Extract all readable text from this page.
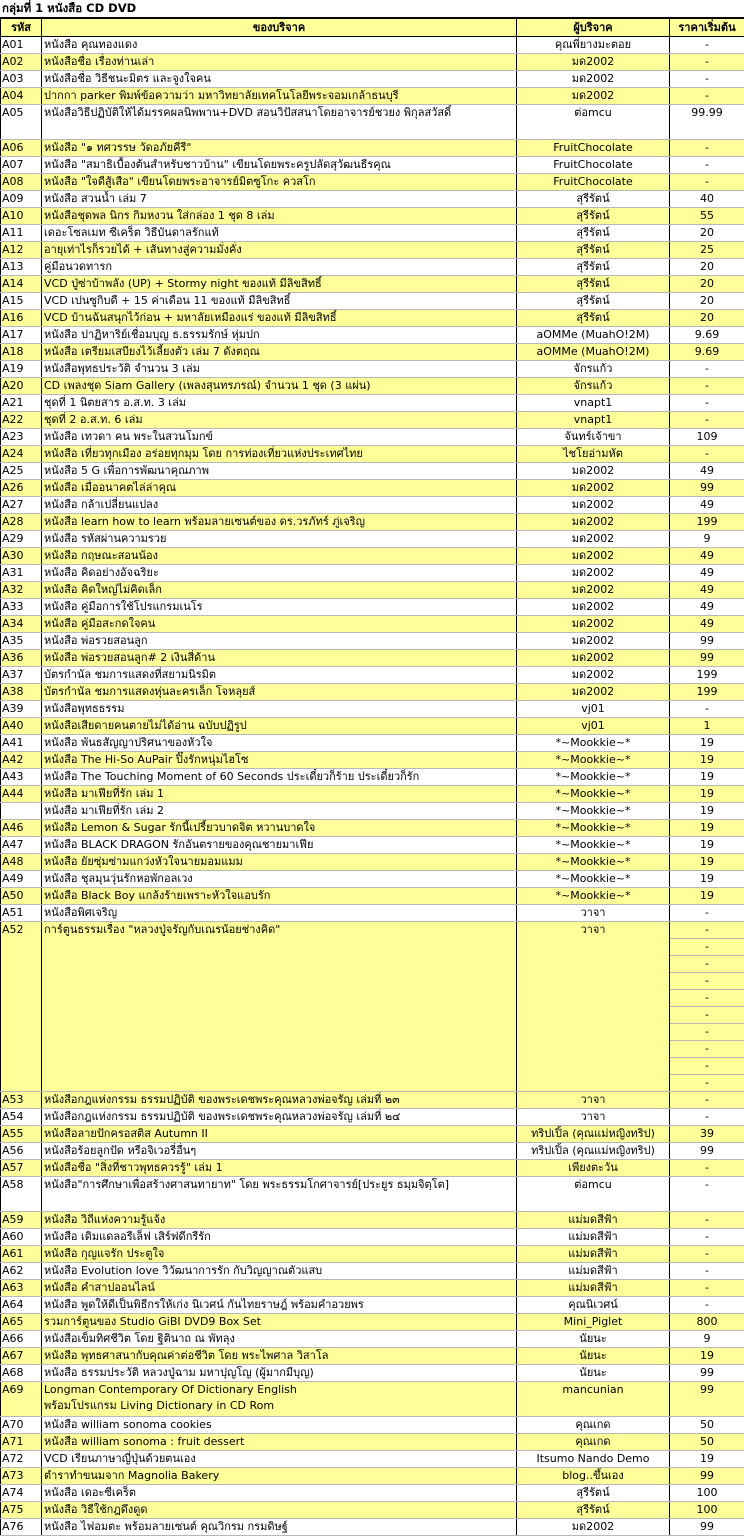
กลุ่มที่ 1 หนังสือ CD DVD
รหัส	ของบริจาค	ผู้บริจาค	ราคาเริ่มต้น
A01	หนังสือ คุณทองแดง	คุณพี่ยางมะตอย	-
A02	หนังสือชื่อ เรื่องท่านเล่า	มด2002	-
A03	หนังสือชื่อ วิธีชนะมิตร และจูงใจคน	มด2002	-
A04	ปากกา parker พิมพ์ข้อความว่า มหาวิทยาลัยเทคโนโลยีพระจอมเกล้าธนบุรี	มด2002	-
A05	หนังสือวิธีปฏิบัติให้ได้มรรคผลนิพพาน+DVD สอนวิปัสสนาโดยอาจารย์ชวยง พิกุลสวัสดิ์	ต่อmcu	99.99
A06	หนังสือ "๑ ทศวรรษ วัดอภัยคีรี"	FruitChocolate	-
A07	หนังสือ "สมาธิเบื้องต้นสำหรับชาวบ้าน" เขียนโดยพระครูปลัดสุวัฒนธีรคุณ	FruitChocolate	-
A08	หนังสือ "ใจดีสู้เสือ" เขียนโดยพระอาจารย์มิตซูโกะ ควสโก	FruitChocolate	-
A09	หนังสือ สวนน้ำ เล่ม 7	สุรีรัตน์	40
A10	หนังสือชุดพล นิกร กิมหงวน ใส่กล่อง 1 ชุด 8 เล่ม	สุรีรัตน์	55
A11	เดอะโซลเมท ซีเคร็ต วิธีบันดาลรักแท้	สุรีรัตน์	20
A12	อายุเท่าไรก็รวยได้ + เส้นทางสู่ความมั่งคั่ง	สุรีรัตน์	25
A13	คู่มือนวดทารก	สุรีรัตน์	20
A14	VCD ปู่ซ่าบ้าพลัง (UP) + Stormy night ของแท้ มีลิขสิทธิ์	สุรีรัตน์	20
A15	VCD เปนซูกิบดี + 15 ค่าเดือน 11 ของแท้ มีลิขสิทธิ์	สุรีรัตน์	20
A16	VCD บ้านฉันสนุกไว้ก่อน + มหาลัยเหมืองแร่ ของแท้ มีลิขสิทธิ์	สุรีรัตน์	20
A17	หนังสือ ปาฏิหาริย์เชื่อมบุญ ธ.ธรรมรักษ์ หุ่มปก	aOMMe (MuahO!2M)	9.69
A18	หนังสือ เตรียมเสบียงไว้เลี้ยงตัว เล่ม 7 ดังตฤณ	aOMMe (MuahO!2M)	9.69
A19	หนังสือพุทธประวัติ จำนวน 3 เล่ม	จักรแก้ว	-
A20	CD เพลงชุด Siam Gallery (เพลงสุนทรภรณ์) จำนวน 1 ชุด (3 แผ่น)	จักรแก้ว	-
A21	ชุดที่ 1 นิตยสาร อ.ส.ท. 3 เล่ม	vnapt1	-
A22	ชุดที่ 2 อ.ส.ท. 6 เล่ม	vnapt1	-
A23	หนังสือ เทวดา คน พระในสวนโมกข์	จันทร์เจ้าขา	109
A24	หนังสือ เที่ยวทุกเมือง อร่อยทุกมุม โดย การท่องเที่ยวแห่งประเทศไทย	ไชโยอ่ามหัต	-
A25	หนังสือ 5 G เพื่อการพัฒนาคุณภาพ	มด2002	49
A26	หนังสือ เมื่ออนาคตไล่ล่าคุณ	มด2002	99
A27	หนังสือ กล้าเปลี่ยนแปลง	มด2002	49
A28	หนังสือ learn how to learn พร้อมลายเซนต์ของ ดร.วรภัทร์ ภู่เจริญ	มด2002	199
A29	หนังสือ รหัสผ่านความรวย	มด2002	9
A30	หนังสือ กฤษณะสอนน้อง	มด2002	49
A31	หนังสือ คิดอย่างอัจฉริยะ	มด2002	49
A32	หนังสือ คิดใหญ่ไม่คิดเล็ก	มด2002	49
A33	หนังสือ คู่มือการใช้โปรแกรมเนโร	มด2002	49
A34	หนังสือ คู่มือสะกดใจคน	มด2002	49
A35	หนังสือ พ่อรวยสอนลูก	มด2002	99
A36	หนังสือ พ่อรวยสอนลูก# 2 เงินสี่ด้าน	มด2002	99
A37	บัตรกำนัล ชมการแสดงที่สยามนิรมิต	มด2002	199
A38	บัตรกำนัล ชมการแสดงหุ่นละครเล็ก โจหลุยส์	มด2002	199
A39	หนังสือพุทธธรรม	vj01	-
A40	หนังสือเสียดายคนตายไม่ได้อ่าน ฉบับปฏิรูป	vj01	1
A41	หนังสือ พันธสัญญาปริศนาของหัวใจ	*~Mookkie~*	19
A42	หนังสือ The Hi-So AuPair ปิ๊งรักหนุ่มไฮโซ	*~Mookkie~*	19
A43	หนังสือ The Touching Moment of 60 Seconds ประเดี๋ยวก็ร้าย ประเดี๋ยวก็รัก	*~Mookkie~*	19
A44	หนังสือ มาเฟียที่รัก เล่ม 1	*~Mookkie~*	19
	หนังสือ มาเฟียที่รัก เล่ม 2	*~Mookkie~*	19
A46	หนังสือ Lemon & Sugar รักนี้เปรี้ยวบาดจิต หวานบาดใจ	*~Mookkie~*	19
A47	หนังสือ BLACK DRAGON รักอันตรายของคุณชายมาเฟีย	*~Mookkie~*	19
A48	หนังสือ ยัยซุ่มซ่ามแกว่งหัวใจนายมอมแมม	*~Mookkie~*	19
A49	หนังสือ ชุลมุนวุ่นรักหอพักอลเวง	*~Mookkie~*	19
A50	หนังสือ Black Boy แกล้งร้ายเพราะหัวใจแอบรัก	*~Mookkie~*	19
A51	หนังสือพิศเจริญ	วาจา	-
A52	การ์ตูนธรรมเรื่อง "หลวงปู่จรัญกับเณรน้อยช่างคิด"	วาจา	-
			-
			-
			-
			-
			-
			-
			-
			-
			-
A53	หนังสือกฎแห่งกรรม ธรรมปฏิบัติ ของพระเดชพระคุณหลวงพ่อจรัญ เล่มที่ ๒๓	วาจา	-
A54	หนังสือกฎแห่งกรรม ธรรมปฏิบัติ ของพระเดชพระคุณหลวงพ่อจรัญ เล่มที่ ๒๔	วาจา	-
A55	หนังสือลายปักครอสติส Autumn II	ทริปเปิ้ล (คุณแม่หญิงทริป)	39
A56	หนังสือร้อยลูกปัด หรือจิเวอรี่อื่นๆ	ทริปเปิ้ล (คุณแม่หญิงทริป)	99
A57	หนังสือชื่อ "สิ่งที่ชาวพุทธควรรู้" เล่ม 1	เพียงตะวัน	-
A58	หนังสือ"การศึกษาเพื่อสร้างศาสนทายาท" โดย พระธรรมโกศาจารย์[ประยูร ธมฺมจิตฺโต]	ต่อmcu	-
A59	หนังสือ วิถีแห่งความรู้แจ้ง	แม่มดสีฟ้า	-
A60	หนังสือ เดิมแดลอรีเล็ฟ เสิร์ฟดีกรีรัก	แม่มดสีฟ้า	-
A61	หนังสือ กุญแจรัก ประตูใจ	แม่มดสีฟ้า	-
A62	หนังสือ Evolution love วิวัฒนาการรัก กับวิญญาณตัวแสบ	แม่มดสีฟ้า	-
A63	หนังสือ คำสาปออนไลน์	แม่มดสีฟ้า	-
A64	หนังสือ พูดให้ดีเป็นพิธีกรให้เก่ง นิเวศน์ กันไทยราษฎ์ พร้อมคำอวยพร	คุณนิเวศน์	-
A65	รวมการ์ตูนของ Studio GiBI DVD9 Box Set	Mini_Piglet	800
A66	หนังสือเข็มทิศชีวิต โดย ฐิตินาถ ณ พัทลุง	นัยนะ	9
A67	หนังสือ พุทธศาสนากับคุณค่าต่อชีวิต โดย พระไพศาล วิสาโล	นัยนะ	19
A68	หนังสือ ธรรมประวัติ หลวงปู่ฉาม มหาปุญโญ (ผู้มากมีบุญ)	นัยนะ	99
A69	Longman Contemporary Of Dictionary English
พร้อมโปรแกรม Living Dictionary in CD Rom	mancunian	99
A70	หนังสือ william sonoma cookies	คุณเกด	50
A71	หนังสือ william sonoma : fruit dessert	คุณเกด	50
A72	VCD เรียนภาษาญี่ปุ่นด้วยตนเอง	Itsumo Nando Demo	19
A73	ตำราทำขนมจาก Magnolia Bakery	blog..ขึ้นเอง	99
A74	หนังสือ เดอะซีเคร็ต	สุรีรัตน์	100
A75	หนังสือ วิธีใช้กฎดึงดูด	สุรีรัตน์	100
A76	หนังสือ ไฟอมตะ พร้อมลายเซนต์ คุณวิกรม กรมดิษฐ์	มด2002	99
